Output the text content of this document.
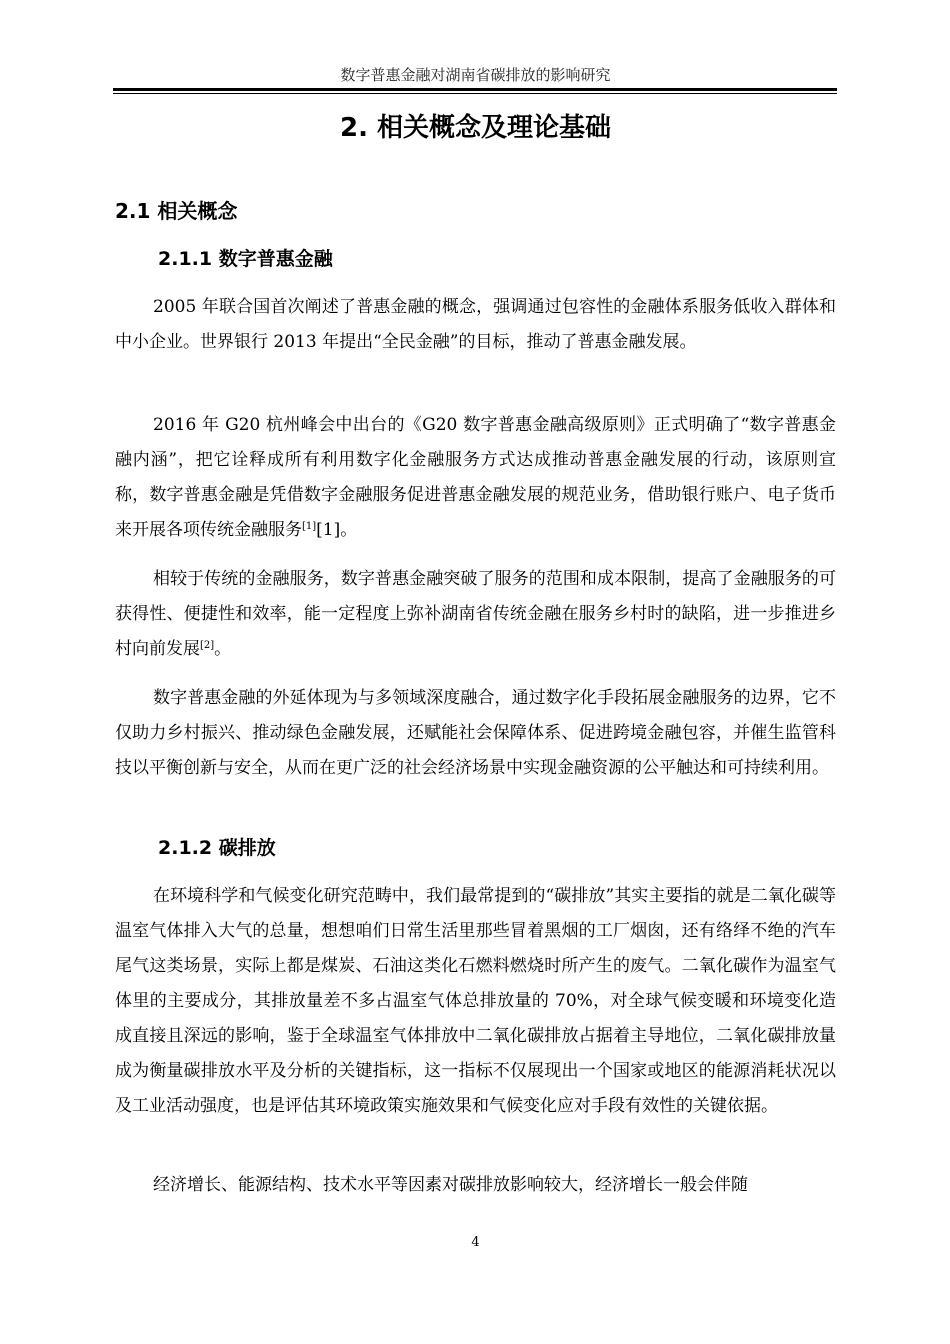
数字普惠金融对湖南省碳排放的影响研究
2. 相关概念及理论基础
2.1 相关概念
2.1.1 数字普惠金融

2005 年联合国首次阐述了普惠金融的概念，强调通过包容性的金融体系服务低收入群体和中小企业。世界银行 2013 年提出“全民金融”的目标，推动了普惠金融发展。

2016 年 G20 杭州峰会中出台的《G20 数字普惠金融高级原则》正式明确了“数字普惠金融内涵”，把它诠释成所有利用数字化金融服务方式达成推动普惠金融发展的行动，该原则宣称，数字普惠金融是凭借数字金融服务促进普惠金融发展的规范业务，借助银行账户、电子货币来开展各项传统金融服务[1][1]。

相较于传统的金融服务，数字普惠金融突破了服务的范围和成本限制，提高了金融服务的可获得性、便捷性和效率，能一定程度上弥补湖南省传统金融在服务乡村时的缺陷，进一步推进乡村向前发展[2]。

数字普惠金融的外延体现为与多领域深度融合，通过数字化手段拓展金融服务的边界，它不仅助力乡村振兴、推动绿色金融发展，还赋能社会保障体系、促进跨境金融包容，并催生监管科技以平衡创新与安全，从而在更广泛的社会经济场景中实现金融资源的公平触达和可持续利用。

2.1.2 碳排放

在环境科学和气候变化研究范畴中，我们最常提到的“碳排放”其实主要指的就是二氧化碳等温室气体排入大气的总量，想想咱们日常生活里那些冒着黑烟的工厂烟囱，还有络绎不绝的汽车尾气这类场景，实际上都是煤炭、石油这类化石燃料燃烧时所产生的废气。二氧化碳作为温室气体里的主要成分，其排放量差不多占温室气体总排放量的 70%，对全球气候变暖和环境变化造成直接且深远的影响，鉴于全球温室气体排放中二氧化碳排放占据着主导地位，二氧化碳排放量成为衡量碳排放水平及分析的关键指标，这一指标不仅展现出一个国家或地区的能源消耗状况以及工业活动强度，也是评估其环境政策实施效果和气候变化应对手段有效性的关键依据。

经济增长、能源结构、技术水平等因素对碳排放影响较大，经济增长一般会伴随

4
